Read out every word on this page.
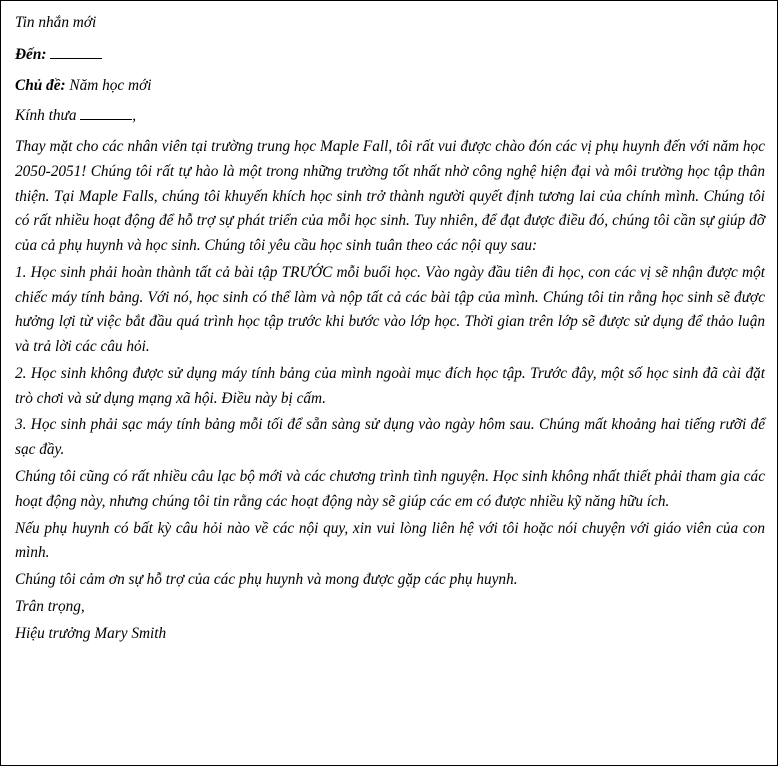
Tin nhắn mới
Đến:
Chủ đề: Năm học mới
Kính thưa	,

Thay mặt cho các nhân viên tại trường trung học Maple Fall, tôi rất vui được chào đón các vị phụ huynh đến với năm học 2050-2051! Chúng tôi rất tự hào là một trong những trường tốt nhất nhờ công nghệ hiện đại và môi trường học tập thân thiện. Tại Maple Falls, chúng tôi khuyến khích học sinh trở thành người quyết định tương lai của chính mình. Chúng tôi có rất nhiều hoạt động để hỗ trợ sự phát triển của mỗi học sinh. Tuy nhiên, để đạt được điều đó, chúng tôi cần sự giúp đỡ của cả phụ huynh và học sinh. Chúng tôi yêu cầu học sinh tuân theo các nội quy sau:

1. Học sinh phải hoàn thành tất cả bài tập TRƯỚC mỗi buổi học. Vào ngày đầu tiên đi học, con các vị sẽ nhận được một chiếc máy tính bảng. Với nó, học sinh có thể làm và nộp tất cả các bài tập của mình. Chúng tôi tin rằng học sinh sẽ được hưởng lợi từ việc bắt đầu quá trình học tập trước khi bước vào lớp học. Thời gian trên lớp sẽ được sử dụng để thảo luận và trả lời các câu hỏi.

2. Học sinh không được sử dụng máy tính bảng của mình ngoài mục đích học tập. Trước đây, một số học sinh đã cài đặt trò chơi và sử dụng mạng xã hội. Điều này bị cấm.

3. Học sinh phải sạc máy tính bảng mỗi tối để sẵn sàng sử dụng vào ngày hôm sau. Chúng mất khoảng hai tiếng rưỡi để sạc đầy.

Chúng tôi cũng có rất nhiều câu lạc bộ mới và các chương trình tình nguyện. Học sinh không nhất thiết phải tham gia các hoạt động này, nhưng chúng tôi tin rằng các hoạt động này sẽ giúp các em có được nhiều kỹ năng hữu ích.

Nếu phụ huynh có bất kỳ câu hỏi nào về các nội quy, xin vui lòng liên hệ với tôi hoặc nói chuyện với giáo viên của con mình.

Chúng tôi cảm ơn sự hỗ trợ của các phụ huynh và mong được gặp các phụ huynh.

Trân trọng,
Hiệu trưởng Mary Smith
